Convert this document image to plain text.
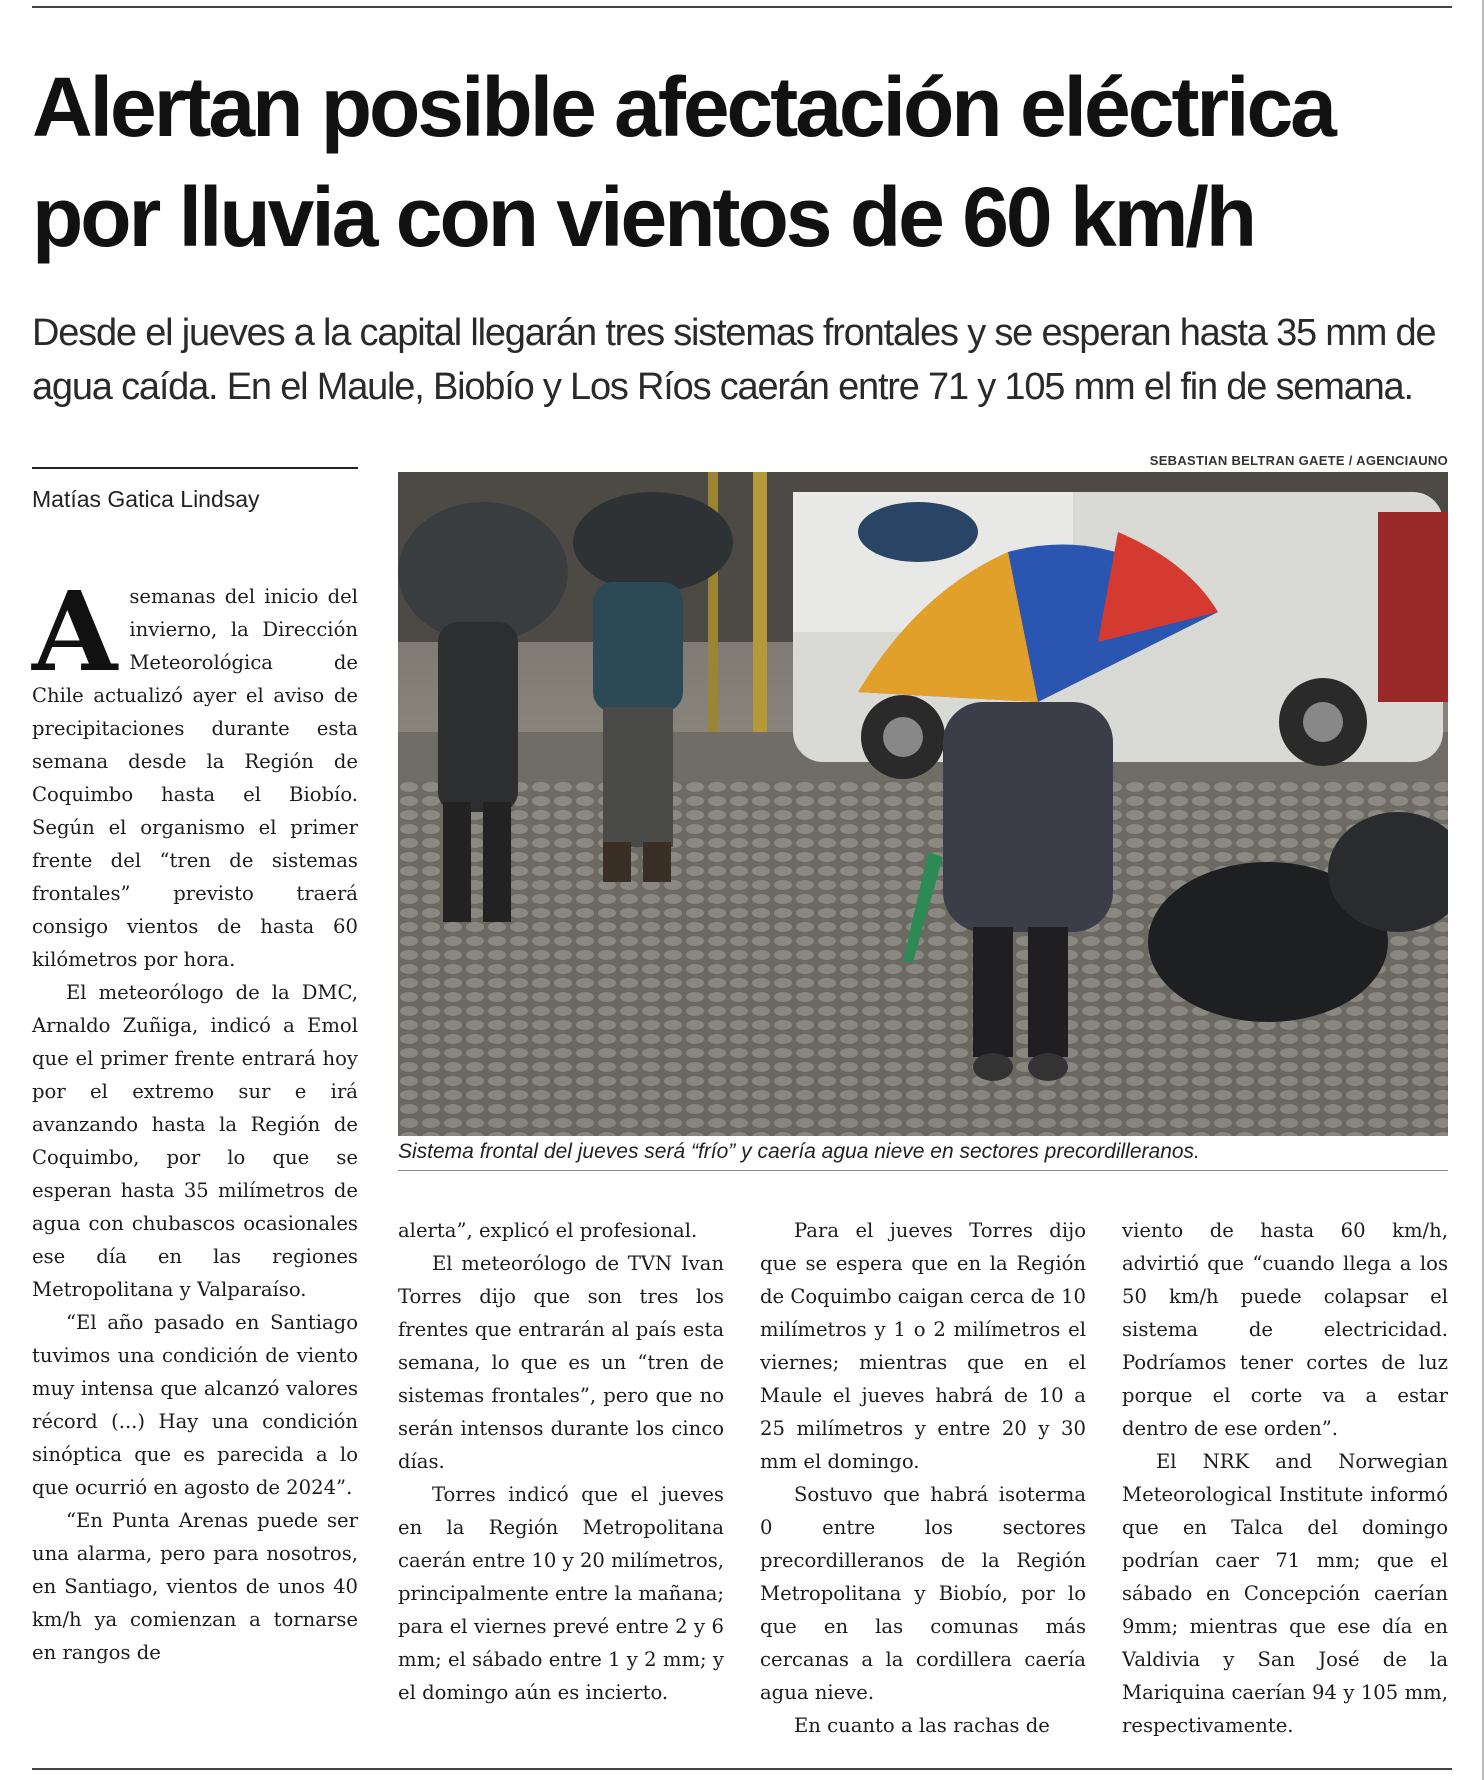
Alertan posible afectación eléctrica por lluvia con vientos de 60 km/h

Desde el jueves a la capital llegarán tres sistemas frontales y se esperan hasta 35 mm de agua caída. En el Maule, Biobío y Los Ríos caerán entre 71 y 105 mm el fin de semana.

Matías Gatica Lindsay
SEBASTIAN BELTRAN GAETE / AGENCIAUNO
Sistema frontal del jueves será “frío” y caería agua nieve en sectores precordilleranos.

Asemanas del inicio del invierno, la Dirección Meteorológica de Chile actualizó ayer el aviso de precipitaciones durante esta semana desde la Región de Coquimbo hasta el Biobío. Según el organismo el primer frente del “tren de sistemas frontales” previsto traerá consigo vientos de hasta 60 kilómetros por hora.

El meteorólogo de la DMC, Arnaldo Zuñiga, indicó a Emol que el primer frente entrará hoy por el extremo sur e irá avanzando hasta la Región de Coquimbo, por lo que se esperan hasta 35 milímetros de agua con chubascos ocasionales ese día en las regiones Metropolitana y Valparaíso.

“El año pasado en Santiago tuvimos una condición de viento muy intensa que alcanzó valores récord (...) Hay una condición sinóptica que es parecida a lo que ocurrió en agosto de 2024”.

“En Punta Arenas puede ser una alarma, pero para nosotros, en Santiago, vientos de unos 40 km/h ya comienzan a tornarse en rangos de

alerta”, explicó el profesional.

El meteorólogo de TVN Ivan Torres dijo que son tres los frentes que entrarán al país esta semana, lo que es un “tren de sistemas frontales”, pero que no serán intensos durante los cinco días.

Torres indicó que el jueves en la Región Metropolitana caerán entre 10 y 20 milímetros, principalmente entre la mañana; para el viernes prevé entre 2 y 6 mm; el sábado entre 1 y 2 mm; y el domingo aún es incierto.

Para el jueves Torres dijo que se espera que en la Región de Coquimbo caigan cerca de 10 milímetros y 1 o 2 milímetros el viernes; mientras que en el Maule el jueves habrá de 10 a 25 milímetros y entre 20 y 30 mm el domingo.

Sostuvo que habrá isoterma 0 entre los sectores precordilleranos de la Región Metropolitana y Biobío, por lo que en las comunas más cercanas a la cordillera caería agua nieve.

En cuanto a las rachas de

viento de hasta 60 km/h, advirtió que “cuando llega a los 50 km/h puede colapsar el sistema de electricidad. Podríamos tener cortes de luz porque el corte va a estar dentro de ese orden”.

El NRK and Norwegian Meteorological Institute informó que en Talca del domingo podrían caer 71 mm; que el sábado en Concepción caerían 9mm; mientras que ese día en Valdivia y San José de la Mariquina caerían 94 y 105 mm, respectivamente.
